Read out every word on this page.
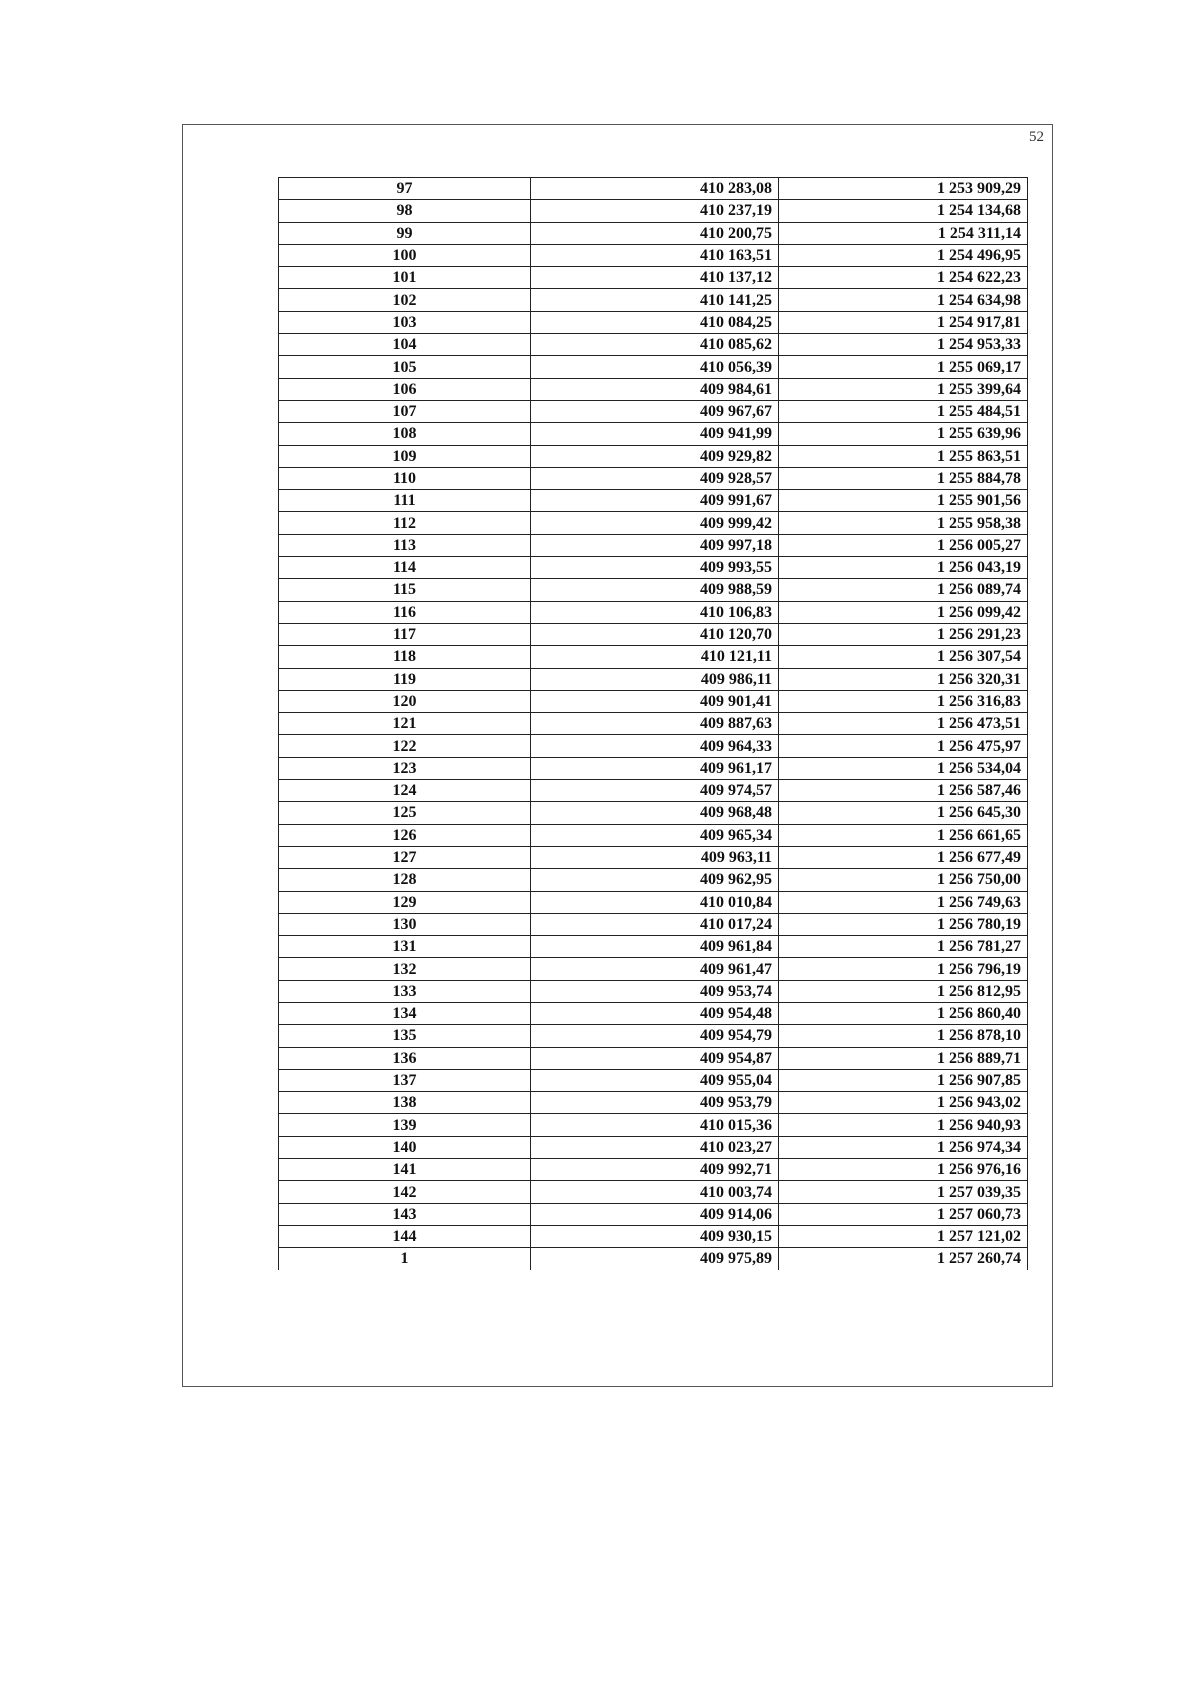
52
97	410 283,08	1 253 909,29
98	410 237,19	1 254 134,68
99	410 200,75	1 254 311,14
100	410 163,51	1 254 496,95
101	410 137,12	1 254 622,23
102	410 141,25	1 254 634,98
103	410 084,25	1 254 917,81
104	410 085,62	1 254 953,33
105	410 056,39	1 255 069,17
106	409 984,61	1 255 399,64
107	409 967,67	1 255 484,51
108	409 941,99	1 255 639,96
109	409 929,82	1 255 863,51
110	409 928,57	1 255 884,78
111	409 991,67	1 255 901,56
112	409 999,42	1 255 958,38
113	409 997,18	1 256 005,27
114	409 993,55	1 256 043,19
115	409 988,59	1 256 089,74
116	410 106,83	1 256 099,42
117	410 120,70	1 256 291,23
118	410 121,11	1 256 307,54
119	409 986,11	1 256 320,31
120	409 901,41	1 256 316,83
121	409 887,63	1 256 473,51
122	409 964,33	1 256 475,97
123	409 961,17	1 256 534,04
124	409 974,57	1 256 587,46
125	409 968,48	1 256 645,30
126	409 965,34	1 256 661,65
127	409 963,11	1 256 677,49
128	409 962,95	1 256 750,00
129	410 010,84	1 256 749,63
130	410 017,24	1 256 780,19
131	409 961,84	1 256 781,27
132	409 961,47	1 256 796,19
133	409 953,74	1 256 812,95
134	409 954,48	1 256 860,40
135	409 954,79	1 256 878,10
136	409 954,87	1 256 889,71
137	409 955,04	1 256 907,85
138	409 953,79	1 256 943,02
139	410 015,36	1 256 940,93
140	410 023,27	1 256 974,34
141	409 992,71	1 256 976,16
142	410 003,74	1 257 039,35
143	409 914,06	1 257 060,73
144	409 930,15	1 257 121,02
1	409 975,89	1 257 260,74
